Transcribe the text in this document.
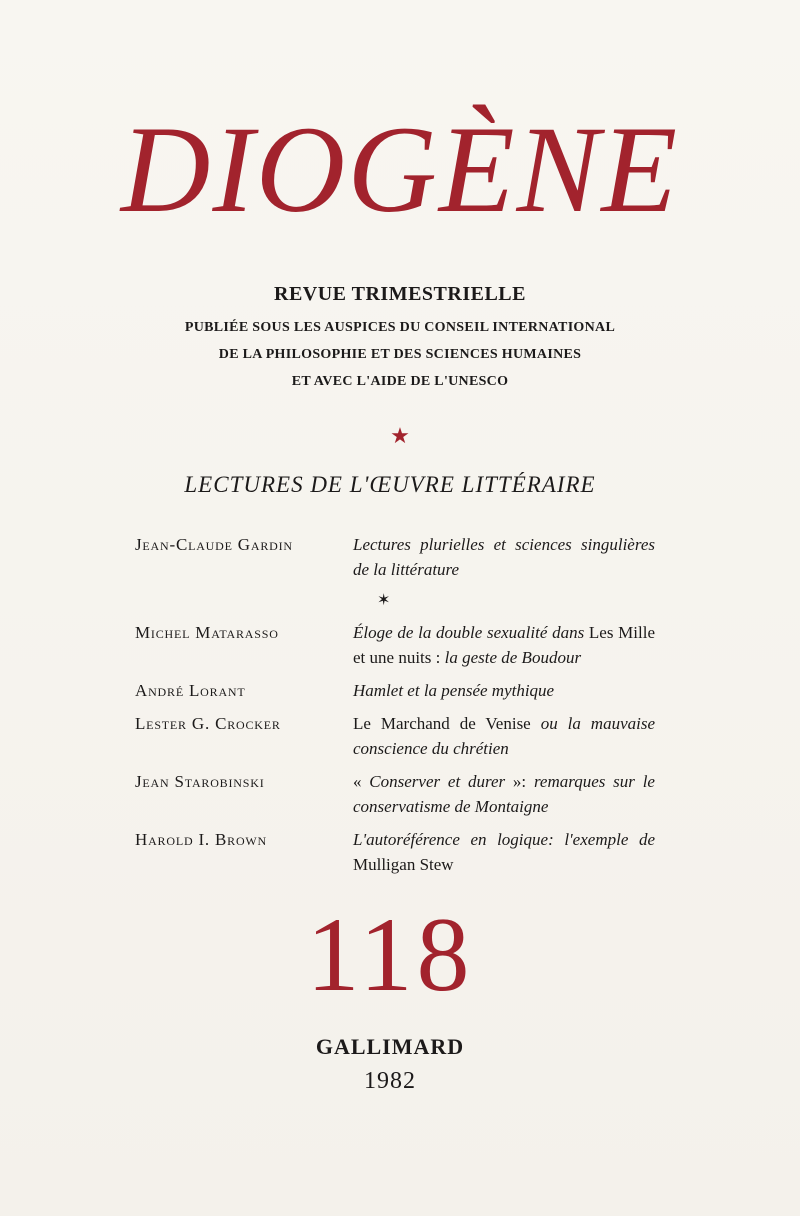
DIOGÈNE
REVUE TRIMESTRIELLE
PUBLIÉE SOUS LES AUSPICES DU CONSEIL INTERNATIONAL
DE LA PHILOSOPHIE ET DES SCIENCES HUMAINES
ET AVEC L'AIDE DE L'UNESCO
★
LECTURES DE L'ŒUVRE LITTÉRAIRE
Jean-Claude Gardin	Lectures plurielles et sciences singulières de la littérature
✶
Michel Matarasso	Éloge de la double sexualité dans Les Mille et une nuits : la geste de Boudour
André Lorant	Hamlet et la pensée mythique
Lester G. Crocker	Le Marchand de Venise ou la mauvaise conscience du chrétien
Jean Starobinski	« Conserver et durer »: remarques sur le conservatisme de Montaigne
Harold I. Brown	L'autoréférence en logique: l'exemple de Mulligan Stew
118
GALLIMARD
1982
